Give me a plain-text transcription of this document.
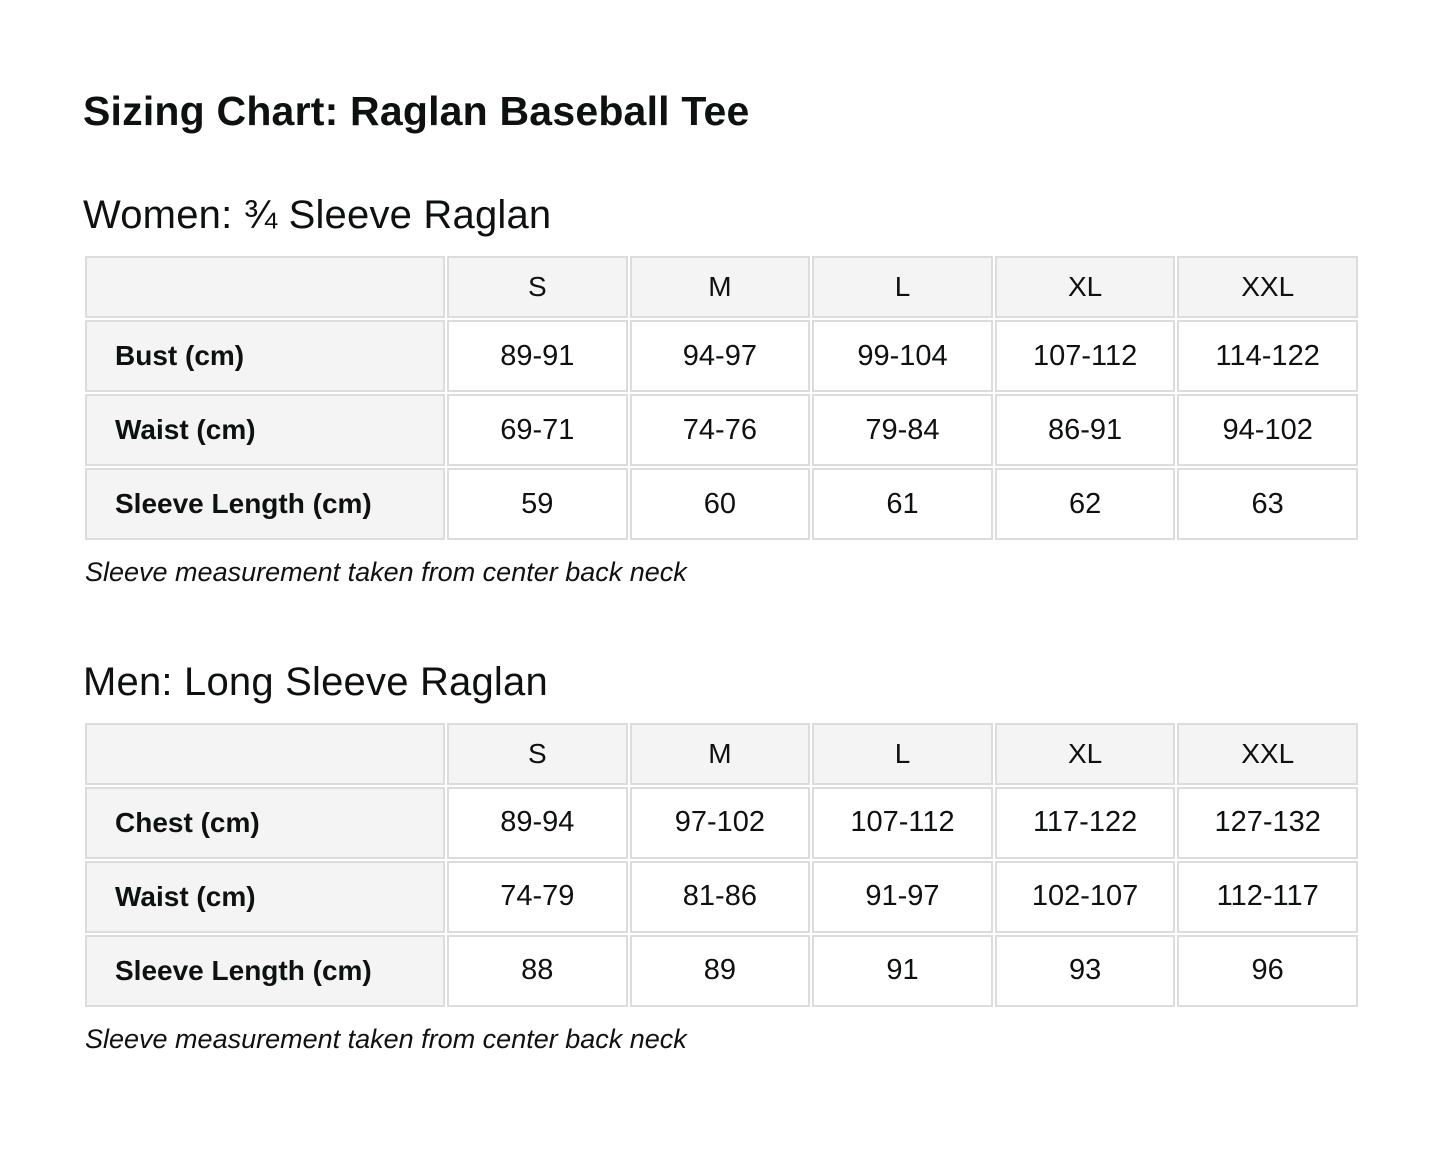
Sizing Chart: Raglan Baseball Tee
Women: ¾ Sleeve Raglan
	S	M	L	XL	XXL
Bust (cm)	89-91	94-97	99-104	107-112	114-122
Waist (cm)	69-71	74-76	79-84	86-91	94-102
Sleeve Length (cm)	59	60	61	62	63

Sleeve measurement taken from center back neck

Men: Long Sleeve Raglan
	S	M	L	XL	XXL
Chest (cm)	89-94	97-102	107-112	117-122	127-132
Waist (cm)	74-79	81-86	91-97	102-107	112-117
Sleeve Length (cm)	88	89	91	93	96

Sleeve measurement taken from center back neck
